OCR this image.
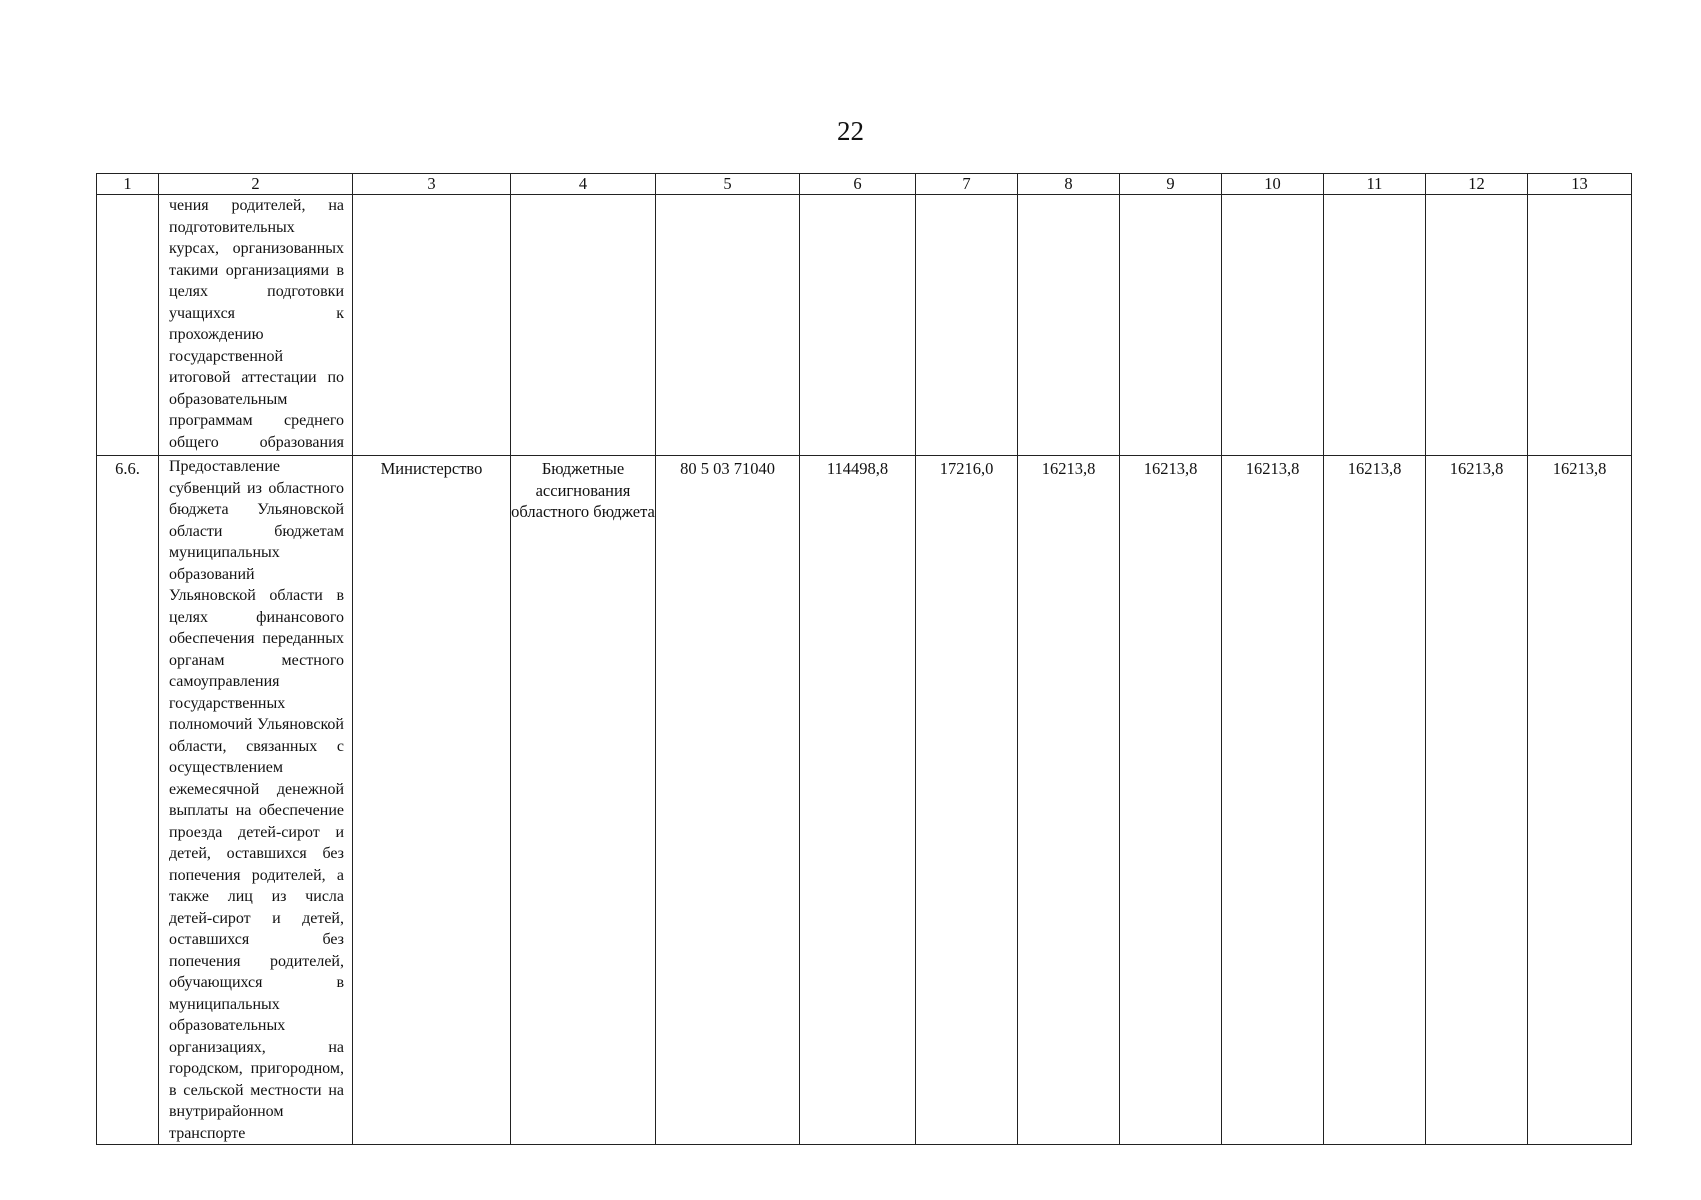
22
1	2	3	4	5	6	7	8	9	10	11	12	13
	чения родителей, на подготовительных курсах, организованных такими организациями в целях подготовки учащихся к прохождению государственной итоговой аттестации по образовательным программам среднего общего образования											
6.6.	Предоставление субвенций из областного бюджета Ульяновской области бюджетам муниципальных образований Ульяновской области в целях финансового обеспечения переданных органам местного самоуправления государственных полномочий Ульяновской области, связанных с осуществлением ежемесячной денежной выплаты на обеспечение проезда детей-сирот и детей, оставшихся без попечения родителей, а также лиц из числа детей-сирот и детей, оставшихся без попечения родителей, обучающихся в муниципальных образовательных организациях, на городском, пригородном, в сельской местности на внутрирайонном транспорте	Министерство	Бюджетные ассигнования областного бюджета	80 5 03 71040	114498,8	17216,0	16213,8	16213,8	16213,8	16213,8	16213,8	16213,8
